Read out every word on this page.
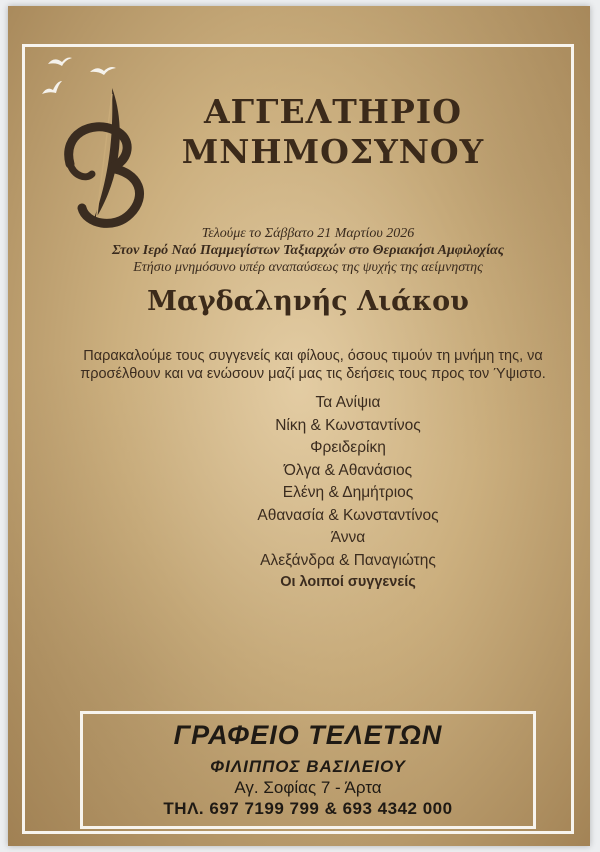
ΑΓΓΕΛΤΗΡΙΟ
ΜΝΗΜΟΣΥΝΟΥ

Τελούμε το Σάββατο 21 Μαρτίου 2026

Στον Ιερό Ναό Παμμεγίστων Ταξιαρχών στο Θεριακήσι Αμφιλοχίας

Ετήσιο μνημόσυνο υπέρ αναπαύσεως της ψυχής της αείμνηστης

Μαγδαληνής Λιάκου

Παρακαλούμε τους συγγενείς και φίλους, όσους τιμούν τη μνήμη της, να
προσέλθουν και να ενώσουν μαζί μας τις δεήσεις τους προς τον Ύψιστο.

Τα Ανίψια
Νίκη & Κωνσταντίνος
Φρειδερίκη
Όλγα & Αθανάσιος
Ελένη & Δημήτριος
Αθανασία & Κωνσταντίνος
Άννα
Αλεξάνδρα & Παναγιώτης

Οι λοιποί συγγενείς

ΓΡΑΦΕΙΟ ΤΕΛΕΤΩΝ

ΦΙΛΙΠΠΟΣ ΒΑΣΙΛΕΙΟΥ

Αγ. Σοφίας 7 - Άρτα

ΤΗΛ. 697 7199 799 & 693 4342 000
